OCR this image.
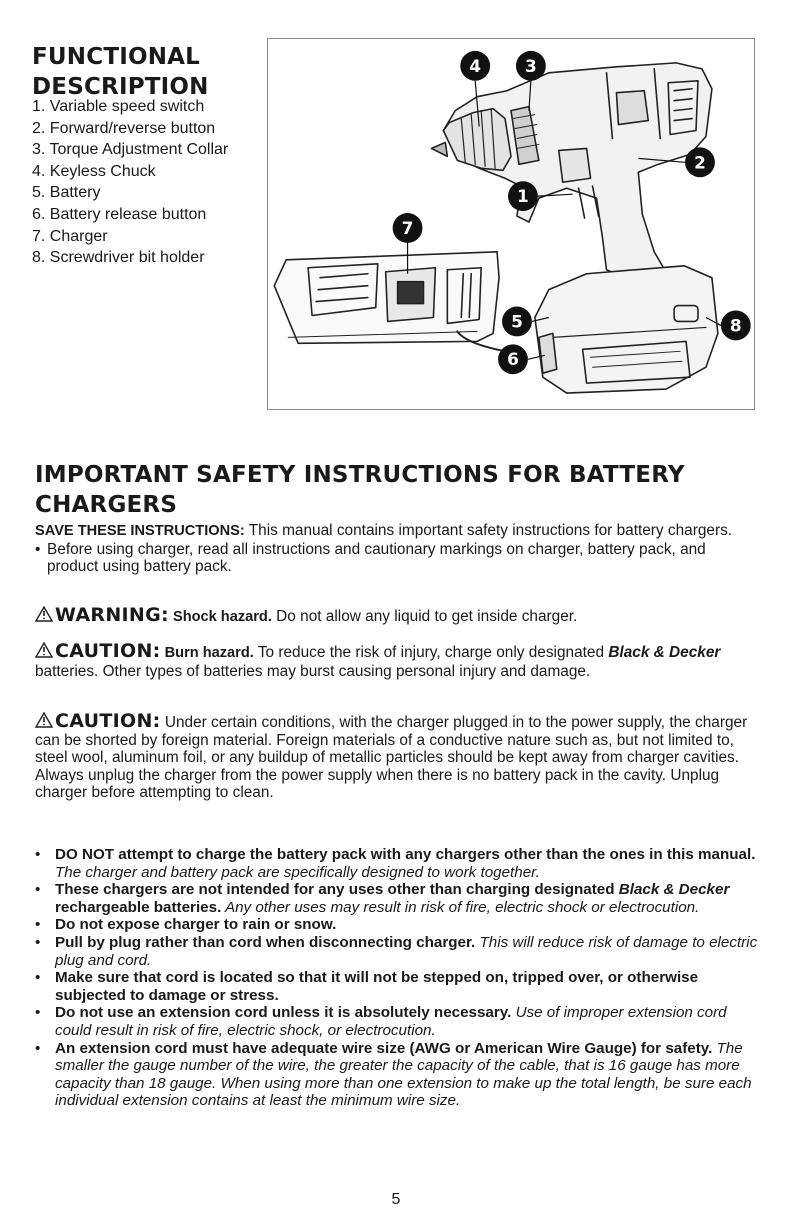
FUNCTIONAL
DESCRIPTION
1. Variable speed switch
2. Forward/reverse button
3. Torque Adjustment Collar
4. Keyless Chuck
5. Battery
6. Battery release button
7. Charger
8. Screwdriver bit holder
4	3
2
1
7
5
6
8
IMPORTANT SAFETY INSTRUCTIONS FOR BATTERY
CHARGERS
SAVE THESE INSTRUCTIONS: This manual contains important safety instructions for battery chargers.
• Before using charger, read all instructions and cautionary markings on charger, battery pack, and product using battery pack.
WARNING: Shock hazard. Do not allow any liquid to get inside charger.
CAUTION: Burn hazard. To reduce the risk of injury, charge only designated Black & Decker batteries. Other types of batteries may burst causing personal injury and damage.
CAUTION: Under certain conditions, with the charger plugged in to the power supply, the charger can be shorted by foreign material. Foreign materials of a conductive nature such as, but not limited to, steel wool, aluminum foil, or any buildup of metallic particles should be kept away from charger cavities. Always unplug the charger from the power supply when there is no battery pack in the cavity. Unplug charger before attempting to clean.
• DO NOT attempt to charge the battery pack with any chargers other than the ones in this manual. The charger and battery pack are specifically designed to work together.
• These chargers are not intended for any uses other than charging designated Black & Decker rechargeable batteries. Any other uses may result in risk of fire, electric shock or electrocution.
• Do not expose charger to rain or snow.
• Pull by plug rather than cord when disconnecting charger. This will reduce risk of damage to electric plug and cord.
• Make sure that cord is located so that it will not be stepped on, tripped over, or otherwise subjected to damage or stress.
• Do not use an extension cord unless it is absolutely necessary. Use of improper extension cord could result in risk of fire, electric shock, or electrocution.
• An extension cord must have adequate wire size (AWG or American Wire Gauge) for safety. The smaller the gauge number of the wire, the greater the capacity of the cable, that is 16 gauge has more capacity than 18 gauge. When using more than one extension to make up the total length, be sure each individual extension contains at least the minimum wire size.
5
